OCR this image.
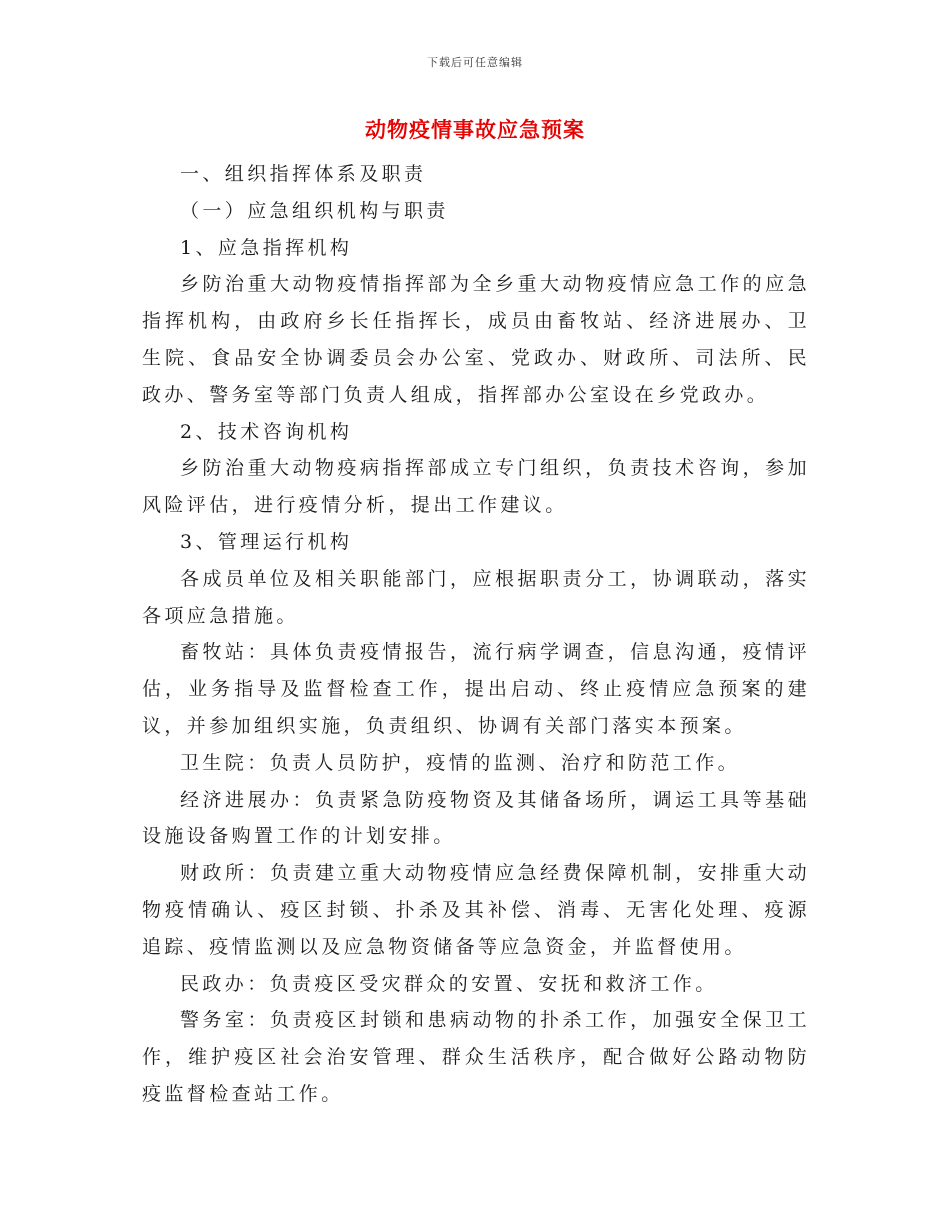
下载后可任意编辑
动物疫情事故应急预案

一、组织指挥体系及职责

（一）应急组织机构与职责

1、应急指挥机构

乡防治重大动物疫情指挥部为全乡重大动物疫情应急工作的应急指挥机构，由政府乡长任指挥长，成员由畜牧站、经济进展办、卫生院、食品安全协调委员会办公室、党政办、财政所、司法所、民政办、警务室等部门负责人组成，指挥部办公室设在乡党政办。

2、技术咨询机构

乡防治重大动物疫病指挥部成立专门组织，负责技术咨询，参加风险评估，进行疫情分析，提出工作建议。

3、管理运行机构

各成员单位及相关职能部门，应根据职责分工，协调联动，落实各项应急措施。

畜牧站：具体负责疫情报告，流行病学调查，信息沟通，疫情评估，业务指导及监督检查工作，提出启动、终止疫情应急预案的建议，并参加组织实施，负责组织、协调有关部门落实本预案。

卫生院：负责人员防护，疫情的监测、治疗和防范工作。

经济进展办：负责紧急防疫物资及其储备场所，调运工具等基础设施设备购置工作的计划安排。

财政所：负责建立重大动物疫情应急经费保障机制，安排重大动物疫情确认、疫区封锁、扑杀及其补偿、消毒、无害化处理、疫源追踪、疫情监测以及应急物资储备等应急资金，并监督使用。

民政办：负责疫区受灾群众的安置、安抚和救济工作。

警务室：负责疫区封锁和患病动物的扑杀工作，加强安全保卫工作，维护疫区社会治安管理、群众生活秩序，配合做好公路动物防疫监督检查站工作。
